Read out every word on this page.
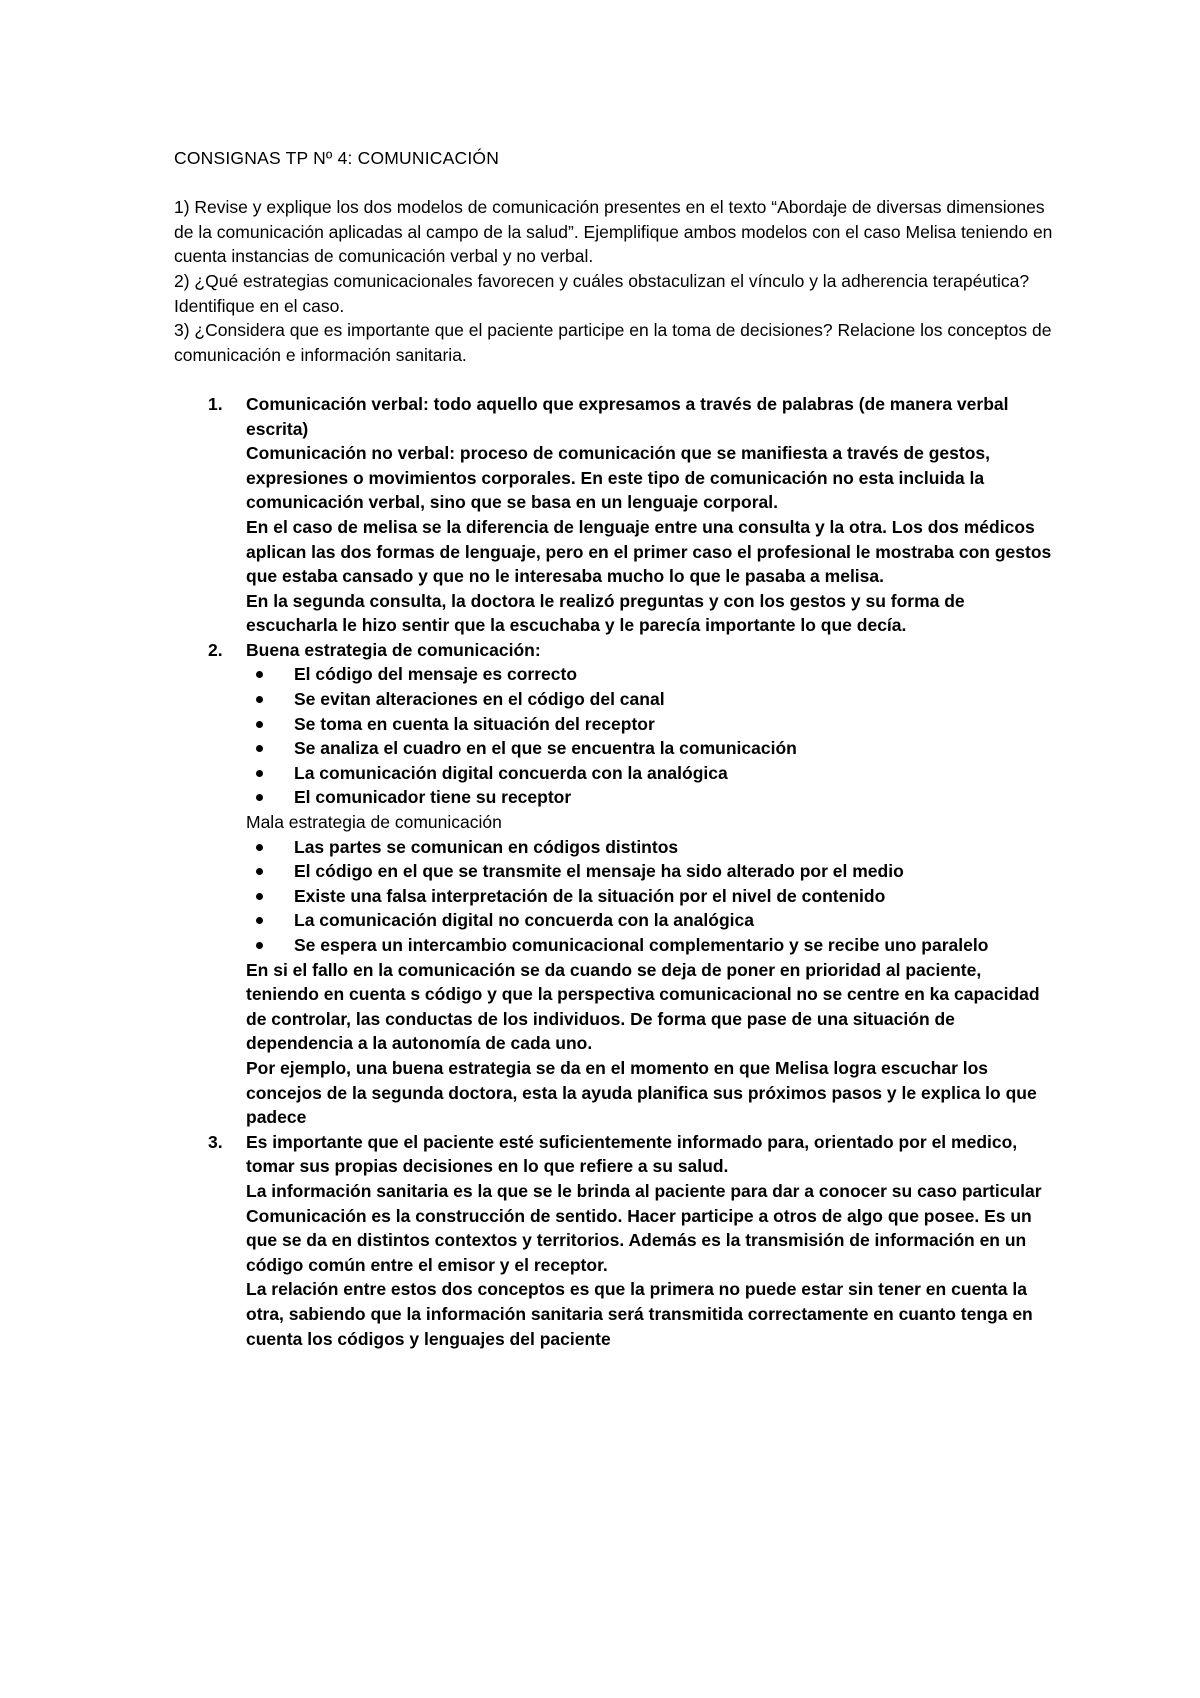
CONSIGNAS TP Nº 4: COMUNICACIÓN

1) Revise y explique los dos modelos de comunicación presentes en el texto “Abordaje de diversas dimensiones de la comunicación aplicadas al campo de la salud”. Ejemplifique ambos modelos con el caso Melisa teniendo en cuenta instancias de comunicación verbal y no verbal.

2) ¿Qué estrategias comunicacionales favorecen y cuáles obstaculizan el vínculo y la adherencia terapéutica? Identifique en el caso.

3) ¿Considera que es importante que el paciente participe en la toma de decisiones? Relacione los conceptos de comunicación e información sanitaria.

1. Comunicación verbal: todo aquello que expresamos a través de palabras (de manera verbal escrita)

Comunicación no verbal: proceso de comunicación que se manifiesta a través de gestos, expresiones o movimientos corporales. En este tipo de comunicación no esta incluida la comunicación verbal, sino que se basa en un lenguaje corporal.

En el caso de melisa se la diferencia de lenguaje entre una consulta y la otra. Los dos médicos aplican las dos formas de lenguaje, pero en el primer caso el profesional le mostraba con gestos que estaba cansado y que no le interesaba mucho lo que le pasaba a melisa.

En la segunda consulta, la doctora le realizó preguntas y con los gestos y su forma de escucharla le hizo sentir que la escuchaba y le parecía importante lo que decía.

2. Buena estrategia de comunicación:

El código del mensaje es correcto
Se evitan alteraciones en el código del canal
Se toma en cuenta la situación del receptor
Se analiza el cuadro en el que se encuentra la comunicación
La comunicación digital concuerda con la analógica
El comunicador tiene su receptor

Mala estrategia de comunicación

Las partes se comunican en códigos distintos
El código en el que se transmite el mensaje ha sido alterado por el medio
Existe una falsa interpretación de la situación por el nivel de contenido
La comunicación digital no concuerda con la analógica
Se espera un intercambio comunicacional complementario y se recibe uno paralelo

En si el fallo en la comunicación se da cuando se deja de poner en prioridad al paciente, teniendo en cuenta s código y que la perspectiva comunicacional no se centre en ka capacidad de controlar, las conductas de los individuos. De forma que pase de una situación de dependencia a la autonomía de cada uno.

Por ejemplo, una buena estrategia se da en el momento en que Melisa logra escuchar los concejos de la segunda doctora, esta la ayuda planifica sus próximos pasos y le explica lo que padece

3. Es importante que el paciente esté suficientemente informado para, orientado por el medico, tomar sus propias decisiones en lo que refiere a su salud.

La información sanitaria es la que se le brinda al paciente para dar a conocer su caso particular

Comunicación es la construcción de sentido. Hacer participe a otros de algo que posee. Es un que se da en distintos contextos y territorios. Además es la transmisión de información en un código común entre el emisor y el receptor.

La relación entre estos dos conceptos es que la primera no puede estar sin tener en cuenta la otra, sabiendo que la información sanitaria será transmitida correctamente en cuanto tenga en cuenta los códigos y lenguajes del paciente
